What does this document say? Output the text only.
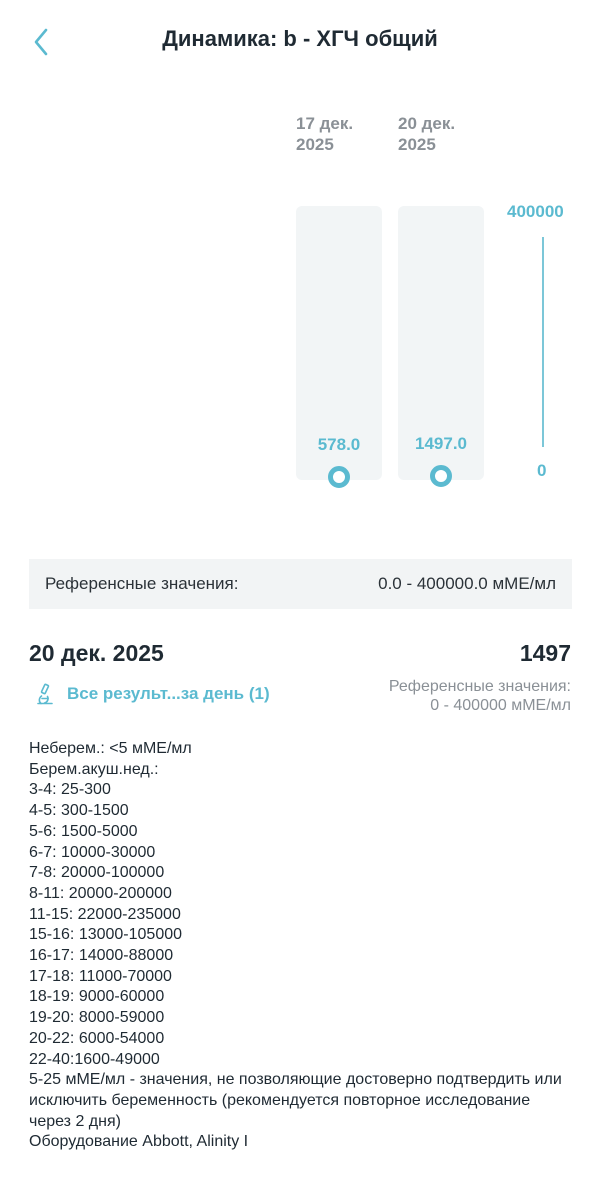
Динамика: b - ХГЧ общий
17 дек.
2025
20 дек.
2025
578.0	1497.0
400000
0
Референсные значения:	0.0 - 400000.0 мМЕ/мл
20 дек. 2025	1497
Все результ...за день (1)	Референсные значения:
0 - 400000 мМЕ/мл
Неберем.: <5 мМЕ/мл
Берем.акуш.нед.:
3-4: 25-300
4-5: 300-1500
5-6: 1500-5000
6-7: 10000-30000
7-8: 20000-100000
8-11: 20000-200000
11-15: 22000-235000
15-16: 13000-105000
16-17: 14000-88000
17-18: 11000-70000
18-19: 9000-60000
19-20: 8000-59000
20-22: 6000-54000
22-40:1600-49000
5-25 мМЕ/мл - значения, не позволяющие достоверно подтвердить или исключить беременность (рекомендуется повторное исследование через 2 дня)
Оборудование Abbott, Alinity I
